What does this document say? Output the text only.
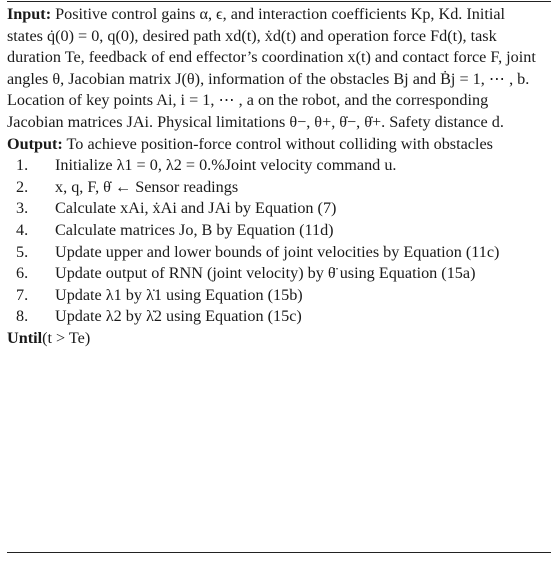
Input: Positive control gains α, ϵ, and interaction coefficients Kp, Kd. Initial states q̇(0) = 0, q(0), desired path xd(t), ẋd(t) and operation force Fd(t), task duration Te, feedback of end effector’s coordination x(t) and contact force F, joint angles θ, Jacobian matrix J(θ), information of the obstacles Bj and Ḃj = 1, ⋯ , b. Location of key points Ai, i = 1, ⋯ , a on the robot, and the corresponding Jacobian matrices JAi. Physical limitations θ−, θ+, θ̇−, θ̇+. Safety distance d.

Output: To achieve position-force control without colliding with obstacles

1. Initialize λ1 = 0, λ2 = 0.%Joint velocity command u.
2. x, q, F, θ̇ ← Sensor readings
3. Calculate xAi, ẋAi and JAi by Equation (7)
4. Calculate matrices Jo, B by Equation (11d)
5. Update upper and lower bounds of joint velocities by Equation (11c)
6. Update output of RNN (joint velocity) by θ̈ using Equation (15a)
7. Update λ1 by λ̇1 using Equation (15b)
8. Update λ2 by λ̇2 using Equation (15c)

Until(t > Te)
